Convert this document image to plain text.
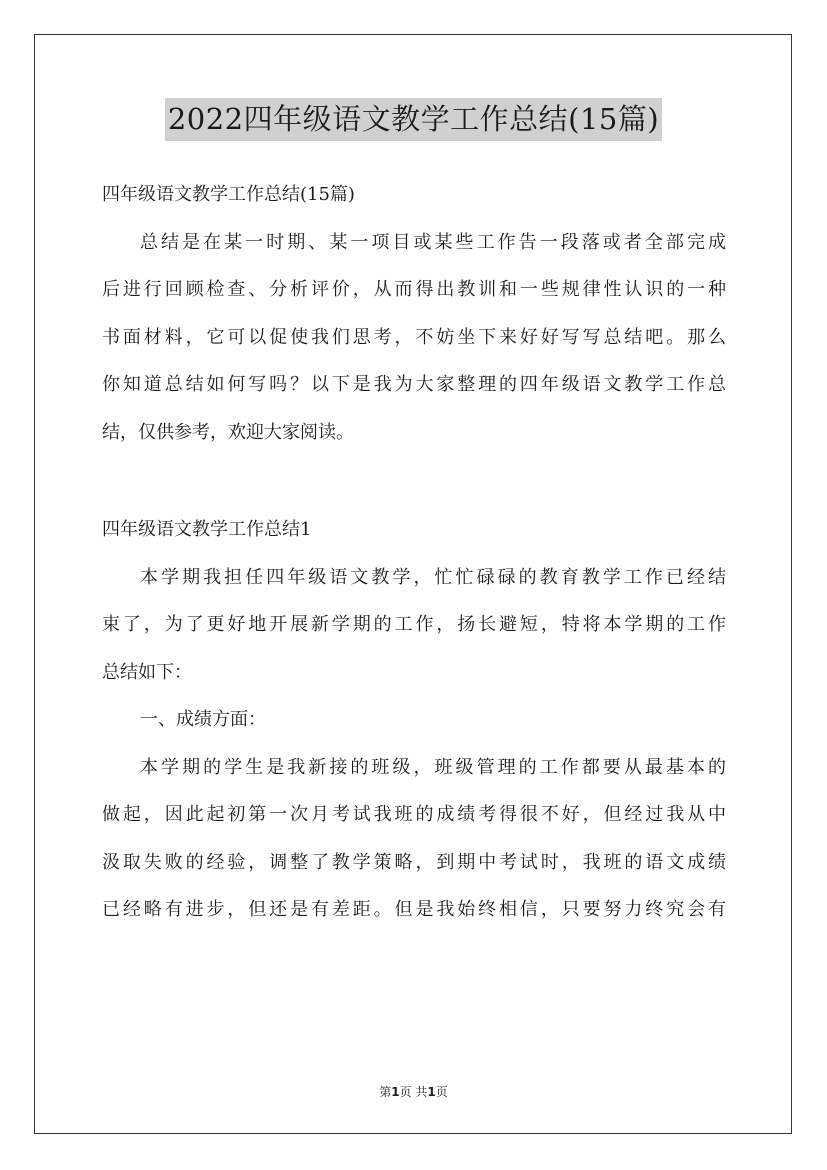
2022四年级语文教学工作总结(15篇)
四年级语文教学工作总结(15篇)
总结是在某一时期、某一项目或某些工作告一段落或者全部完成
后进行回顾检查、分析评价，从而得出教训和一些规律性认识的一种
书面材料，它可以促使我们思考，不妨坐下来好好写写总结吧。那么
你知道总结如何写吗？以下是我为大家整理的四年级语文教学工作总
结，仅供参考，欢迎大家阅读。
四年级语文教学工作总结1
本学期我担任四年级语文教学，忙忙碌碌的教育教学工作已经结
束了，为了更好地开展新学期的工作，扬长避短，特将本学期的工作
总结如下：
一、成绩方面：
本学期的学生是我新接的班级，班级管理的工作都要从最基本的
做起，因此起初第一次月考试我班的成绩考得很不好，但经过我从中
汲取失败的经验，调整了教学策略，到期中考试时，我班的语文成绩
已经略有进步，但还是有差距。但是我始终相信，只要努力终究会有
第1页 共1页
